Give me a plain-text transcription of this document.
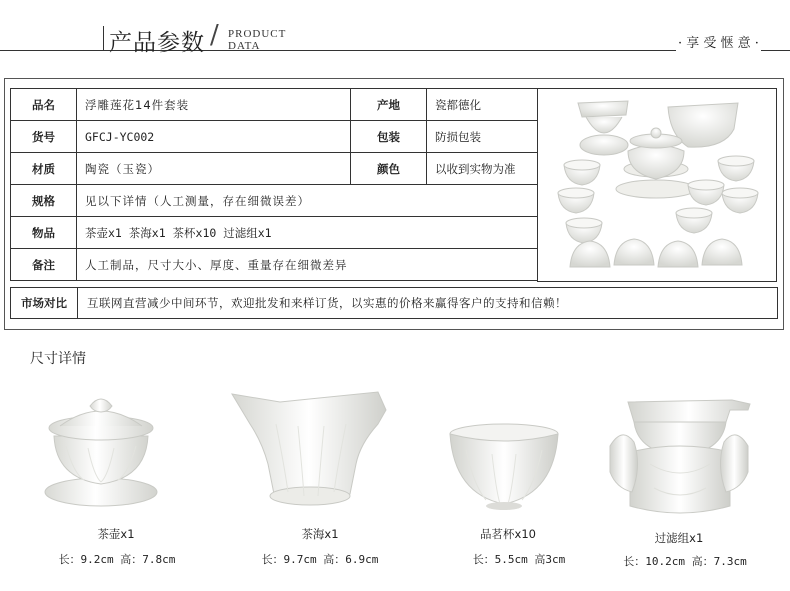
产品参数 / PRODUCT
DATA	· 享 受 惬 意 ·
品名	浮雕莲花14件套装	产地	瓷都德化
货号	GFCJ-YC002	包装	防损包装
材质	陶瓷（玉瓷）	颜色	以收到实物为准
规格	见以下详情（人工测量，存在细微误差）		
物品	茶壶x1 茶海x1 茶杯x10 过滤组x1		
备注	人工制品，尺寸大小、厚度、重量存在细微差异		
市场对比	互联网直营减少中间环节，欢迎批发和来样订货，以实惠的价格来赢得客户的支持和信赖！
尺寸详情
茶壶x1
长：9.2cm 高：7.8cm
茶海x1
长：9.7cm 高：6.9cm
品茗杯x10
长：5.5cm 高3cm
过滤组x1
长：10.2cm 高：7.3cm
